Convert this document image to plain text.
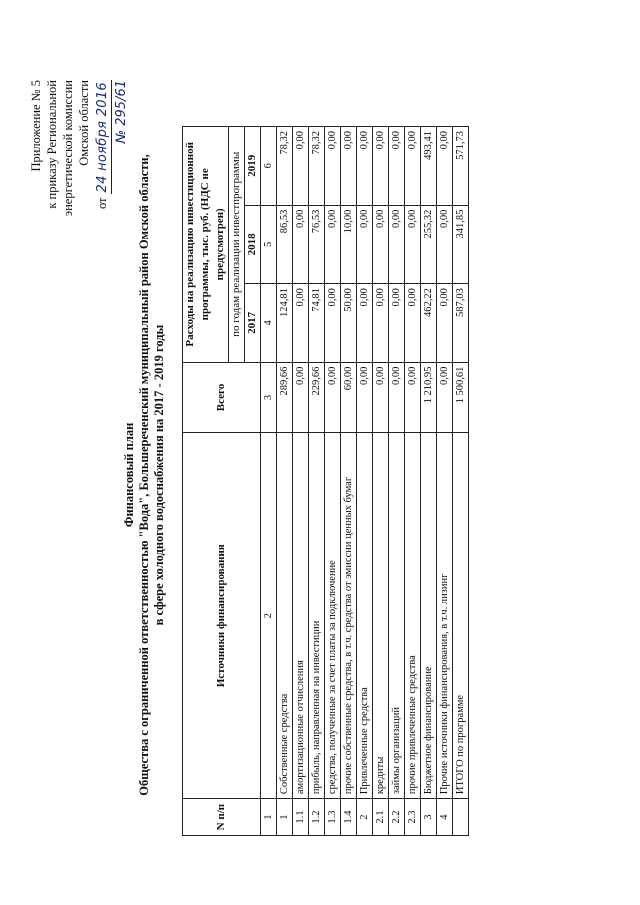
Приложение № 5 к приказу Региональной энергетической комиссии Омской области
от
24 ноября 2016 № 295/61
Финансовый план Общества с ограниченной ответственностью "Вода", Большереченский муниципальный район Омской области, в сфере холодного водоснабжения на 2017 - 2019 годы
N п/п	Источники финансирования	Всего	Расходы на реализацию инвестиционной программы, тыс. руб. (НДС не предусмотрен)		
			по годам реализации инвестпрограммы		
			2017	2018	2019
1	2	3	4	5	6
1	Собственные средства	289,66	124,81	86,53	78,32
1.1	амортизационные отчисления	0,00	0,00	0,00	0,00
1.2	прибыль, направленная на инвестиции	229,66	74,81	76,53	78,32
1.3	средства, полученные за счет платы за подключение	0,00	0,00	0,00	0,00
1.4	прочие собственные средства, в т.ч. средства от эмиссии ценных бумаг	60,00	50,00	10,00	0,00
2	Привлеченные средства	0,00	0,00	0,00	0,00
2.1	кредиты	0,00	0,00	0,00	0,00
2.2	займы организаций	0,00	0,00	0,00	0,00
2.3	прочие привлеченные средства	0,00	0,00	0,00	0,00
3	Бюджетное финансирование	1 210,95	462,22	255,32	493,41
4	Прочие источники финансирования, в т.ч. лизинг	0,00	0,00	0,00	0,00
	ИТОГО по программе	1 500,61	587,03	341,85	571,73
